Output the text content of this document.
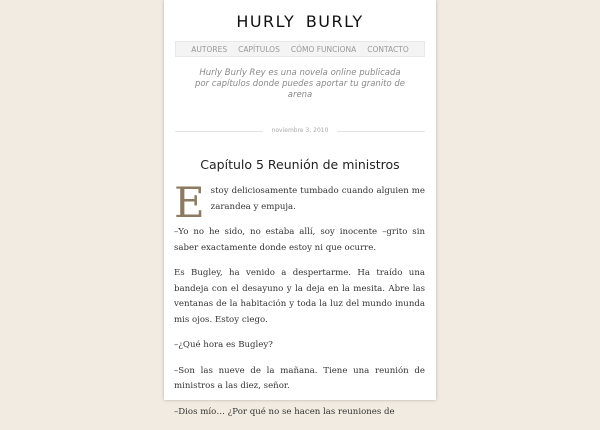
HURLY BURLY
AUTORES CAPÍTULOS CÓMO FUNCIONA CONTACTO
Hurly Burly Rey es una novela online publicada por capítulos donde puedes aportar tu granito de arena
noviembre 3, 2010
Capítulo 5 Reunión de ministros

Estoy deliciosamente tumbado cuando alguien me zarandea y empuja.

–Yo no he sido, no estaba allí, soy inocente –grito sin saber exactamente donde estoy ni que ocurre.

Es Bugley, ha venido a despertarme. Ha traído una bandeja con el desayuno y la deja en la mesita. Abre las ventanas de la habitación y toda la luz del mundo inunda mis ojos. Estoy ciego.

–¿Qué hora es Bugley?

–Son las nueve de la mañana. Tiene una reunión de ministros a las diez, señor.

–Dios mío… ¿Por qué no se hacen las reuniones de
